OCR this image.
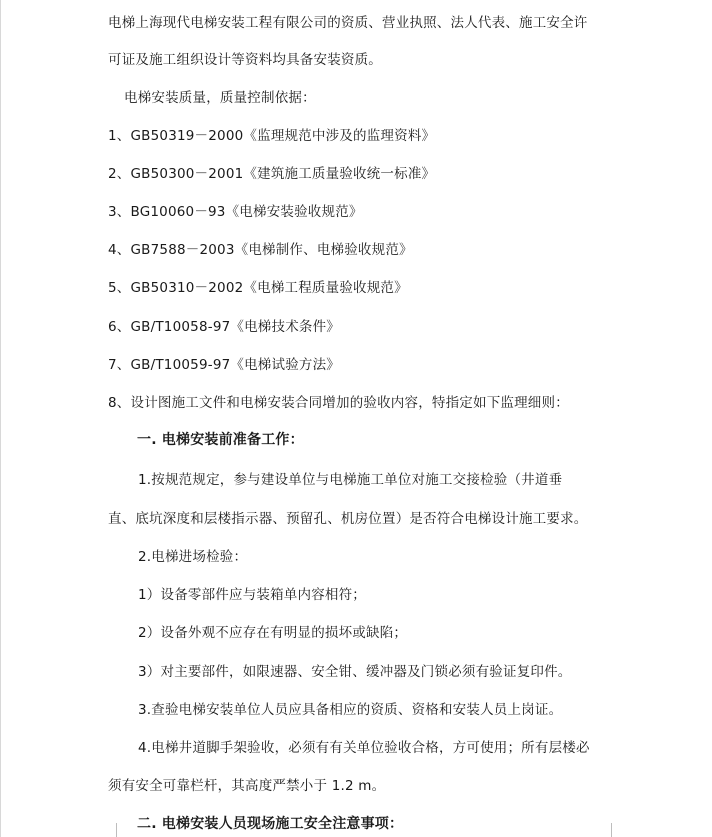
电梯上海现代电梯安装工程有限公司的资质、营业执照、法人代表、施工安全许
可证及施工组织设计等资料均具备安装资质。
电梯安装质量，质量控制依据：
1、GB50319－2000《监理规范中涉及的监理资料》
2、GB50300－2001《建筑施工质量验收统一标准》
3、BG10060－93《电梯安装验收规范》
4、GB7588－2003《电梯制作、电梯验收规范》
5、GB50310－2002《电梯工程质量验收规范》
6、GB/T10058-97《电梯技术条件》
7、GB/T10059-97《电梯试验方法》
8、设计图施工文件和电梯安装合同增加的验收内容，特指定如下监理细则：
一. 电梯安装前准备工作：
1.按规范规定，参与建设单位与电梯施工单位对施工交接检验（井道垂
直、底坑深度和层楼指示器、预留孔、机房位置）是否符合电梯设计施工要求。
2.电梯进场检验：
1）设备零部件应与装箱单内容相符；
2）设备外观不应存在有明显的损坏或缺陷；
3）对主要部件，如限速器、安全钳、缓冲器及门锁必须有验证复印件。
3.查验电梯安装单位人员应具备相应的资质、资格和安装人员上岗证。
4.电梯井道脚手架验收，必须有有关单位验收合格，方可使用；所有层楼必
须有安全可靠栏杆，其高度严禁小于 1.2 m。
二. 电梯安装人员现场施工安全注意事项：
